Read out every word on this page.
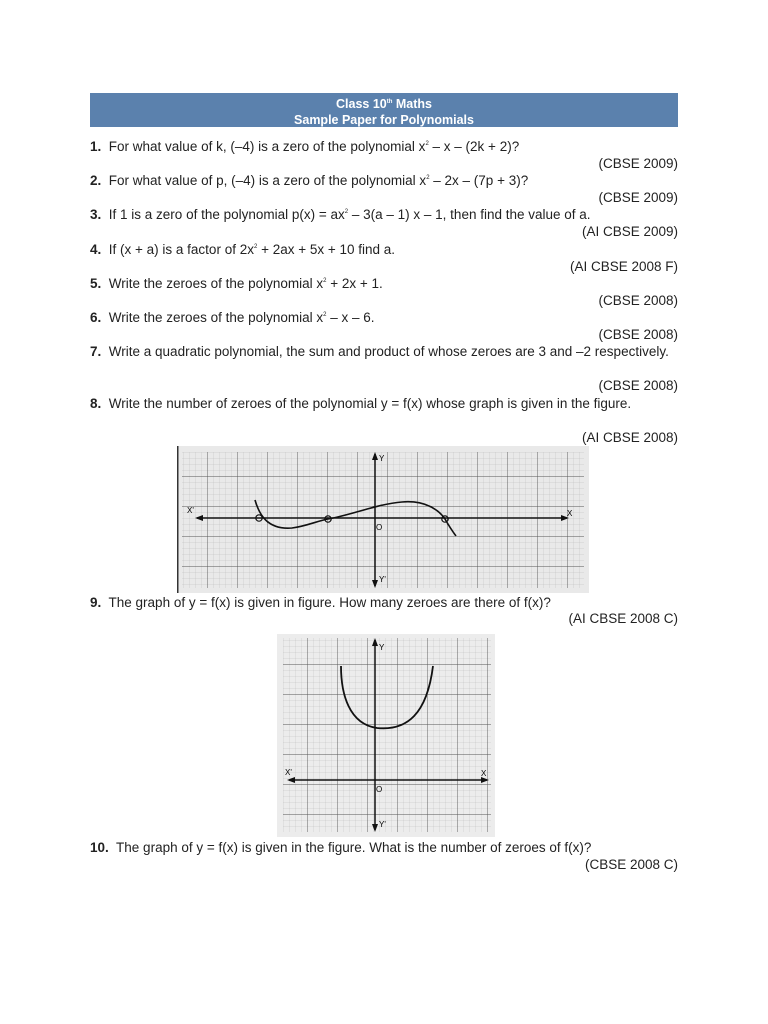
Class 10th Maths
Sample Paper for Polynomials
1. For what value of k, (–4) is a zero of the polynomial $x^2 - x - (2k + 2)$?
(CBSE 2009)
2. For what value of p, (–4) is a zero of the polynomial $x^2 - 2x - (7p + 3)$?
(CBSE 2009)
3. If 1 is a zero of the polynomial $p(x) = ax^2 - 3(a - 1)$ x – 1, then find the value of a.
(AI CBSE 2009)
4. If (x + a) is a factor of $2x^2 + 2ax + 5x + 10$ find a.
(AI CBSE 2008 F)
5. Write the zeroes of the polynomial $x^2 + 2x + 1$.
(CBSE 2008)
6. Write the zeroes of the polynomial $x^2$ – x – 6.
(CBSE 2008)
7. Write a quadratic polynomial, the sum and product of whose zeroes are 3 and –2 respectively.
(CBSE 2008)
8. Write the number of zeroes of the polynomial y = f(x) whose graph is given in the figure.
(AI CBSE 2008)
X'	X
Y
Y'
O
9. The graph of y = f(x) is given in figure. How many zeroes are there of f(x)?
(AI CBSE 2008 C)
X'	X
Y
Y'
O
10. The graph of y = f(x) is given in the figure. What is the number of zeroes of f(x)?
(CBSE 2008 C)
